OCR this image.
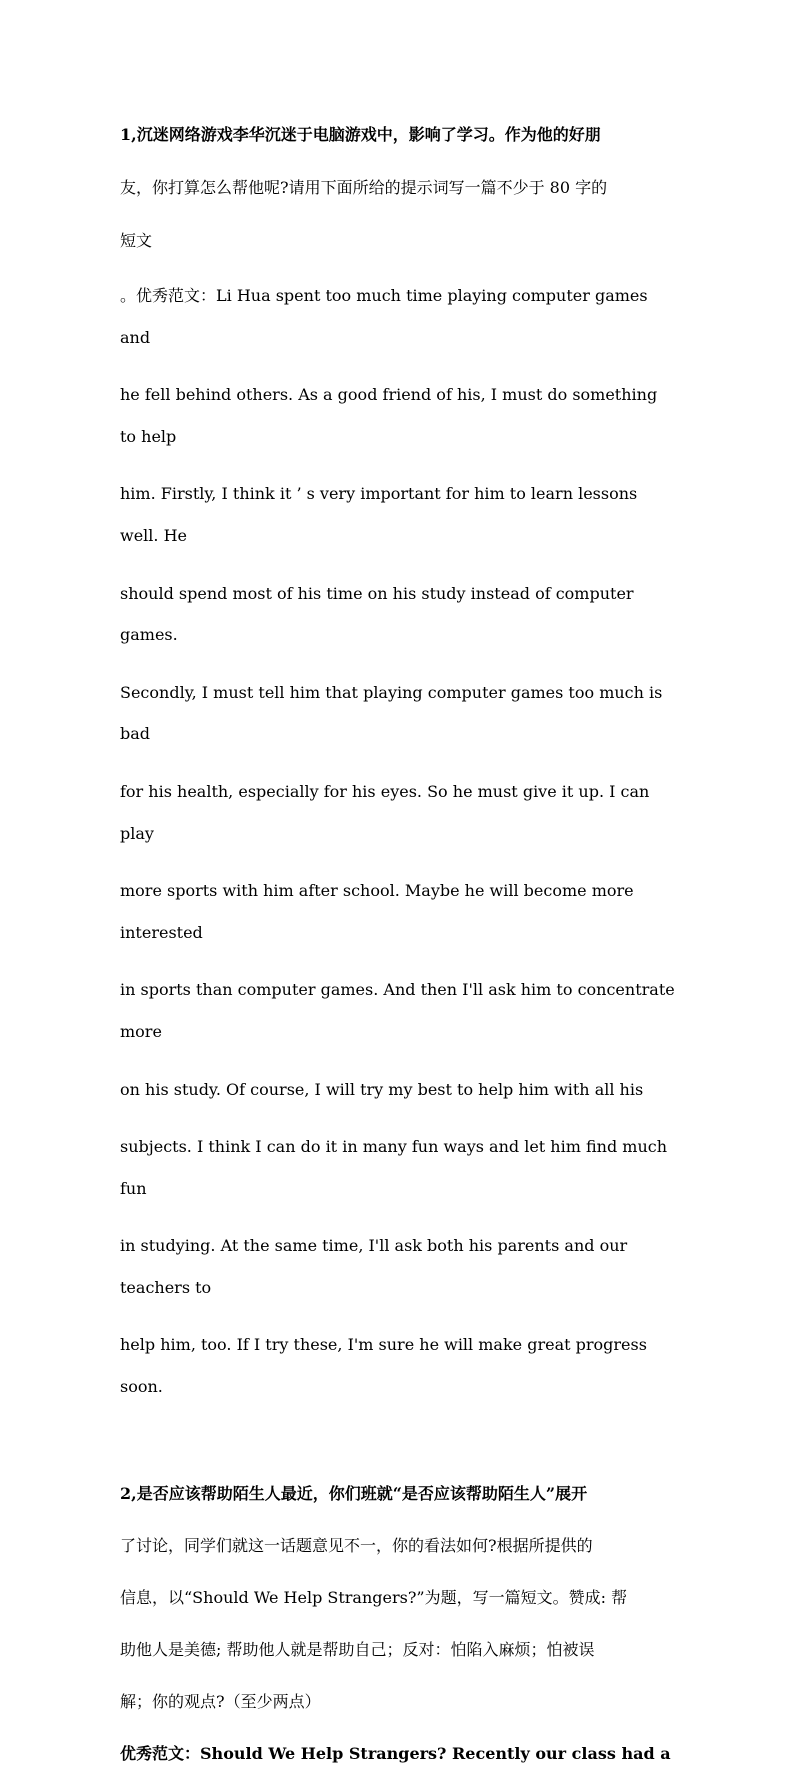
1,沉迷网络游戏李华沉迷于电脑游戏中，影响了学习。作为他的好朋

友，你打算怎么帮他呢?请用下面所给的提示词写一篇不少于 80 字的

短文

。优秀范文：Li Hua spent too much time playing computer games and

he fell behind others. As a good friend of his, I must do something to help

him. Firstly, I think it ’ s very important for him to learn lessons well. He

should spend most of his time on his study instead of computer games.

Secondly, I must tell him that playing computer games too much is bad

for his health, especially for his eyes. So he must give it up. I can play

more sports with him after school. Maybe he will become more interested

in sports than computer games. And then I'll ask him to concentrate more

on his study. Of course, I will try my best to help him with all his

subjects. I think I can do it in many fun ways and let him find much fun

in studying. At the same time, I'll ask both his parents and our teachers to

help him, too. If I try these, I'm sure he will make great progress soon.

2,是否应该帮助陌生人最近，你们班就“是否应该帮助陌生人”展开

了讨论，同学们就这一话题意见不一，你的看法如何?根据所提供的

信息，以“Should We Help Strangers?”为题，写一篇短文。赞成: 帮

助他人是美德; 帮助他人就是帮助自己；反对：怕陷入麻烦；怕被误

解；你的观点?（至少两点）

优秀范文：Should We Help Strangers? Recently our class had a
